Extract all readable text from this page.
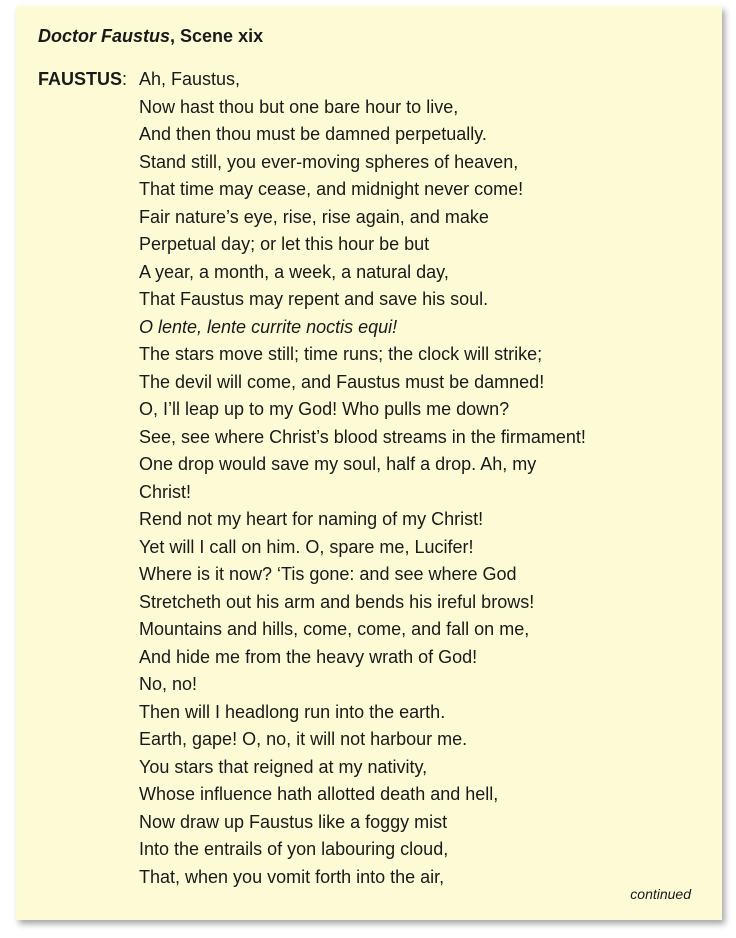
Doctor Faustus, Scene xix
FAUSTUS: Ah, Faustus,
Now hast thou but one bare hour to live,
And then thou must be damned perpetually.
Stand still, you ever-moving spheres of heaven,
That time may cease, and midnight never come!
Fair nature’s eye, rise, rise again, and make
Perpetual day; or let this hour be but
A year, a month, a week, a natural day,
That Faustus may repent and save his soul.
O lente, lente currite noctis equi!
The stars move still; time runs; the clock will strike;
The devil will come, and Faustus must be damned!
O, I’ll leap up to my God! Who pulls me down?
See, see where Christ’s blood streams in the firmament!
One drop would save my soul, half a drop. Ah, my
Christ!
Rend not my heart for naming of my Christ!
Yet will I call on him. O, spare me, Lucifer!
Where is it now? ‘Tis gone: and see where God
Stretcheth out his arm and bends his ireful brows!
Mountains and hills, come, come, and fall on me,
And hide me from the heavy wrath of God!
No, no!
Then will I headlong run into the earth.
Earth, gape! O, no, it will not harbour me.
You stars that reigned at my nativity,
Whose influence hath allotted death and hell,
Now draw up Faustus like a foggy mist
Into the entrails of yon labouring cloud,
That, when you vomit forth into the air,
continued
